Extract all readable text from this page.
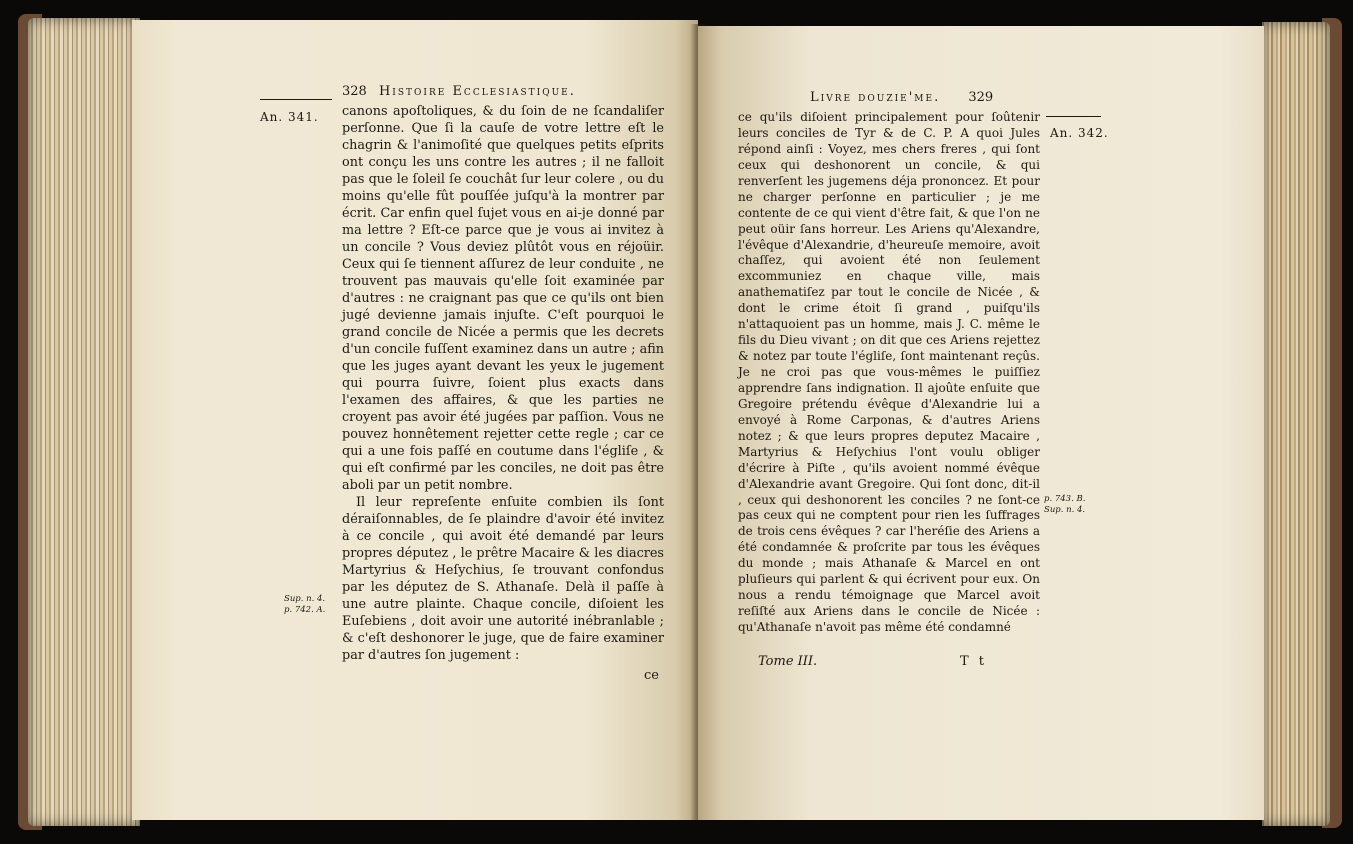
328 Histoire Ecclesiastique.
An. 341. canons apoſtoliques, & du ſoin de ne ſcandaliſer perſonne. Que ſi la cauſe de votre lettre eſt le chagrin & l'animoſité que quelques petits eſprits ont conçu les uns contre les autres ; il ne falloit pas que le ſoleil ſe couchât ſur leur colere , ou du moins qu'elle fût pouſſée juſqu'à la montrer par écrit. Car enfin quel ſujet vous en ai-je donné par ma lettre ? Eſt-ce parce que je vous ai invitez à un concile ? Vous deviez plûtôt vous en réjoüir. Ceux qui ſe tiennent aſſurez de leur conduite , ne trouvent pas mauvais qu'elle ſoit examinée par d'autres : ne craignant pas que ce qu'ils ont bien jugé devienne jamais injuſte. C'eſt pourquoi le grand concile de Nicée a permis que les decrets d'un concile fuſſent examinez dans un autre ; afin que les juges ayant devant les yeux le jugement qui pourra ſuivre, ſoient plus exacts dans l'examen des affaires, & que les parties ne croyent pas avoir été jugées par paſſion. Vous ne pouvez honnêtement rejetter cette regle ; car ce qui a une fois paſſé en coutume dans l'égliſe , & qui eſt confirmé par les conciles, ne doit pas être aboli par un petit nombre.

Il leur repreſente enſuite combien ils ſont déraiſonnables, de ſe plaindre d'avoir été invitez à ce concile , qui avoit été demandé par leurs propres députez , le prêtre Macaire & les diacres Martyrius & Heſychius, ſe trouvant confondus par les députez de S. Athanaſe. Delà il paſſe à une autre plainte. Chaque concile, diſoient les Euſebiens , doit avoir une autorité inébranlable ; & c'eſt deshonorer le juge, que de faire examiner par d'autres ſon jugement :

Sup. n. 4.
p. 742. A.
ce
Livre douzie'me. 329
An. 342.

ce qu'ils diſoient principalement pour ſoûtenir leurs conciles de Tyr & de C. P. A quoi Jules répond ainſi : Voyez, mes chers freres , qui ſont ceux qui deshonorent un concile, & qui renverſent les jugemens déja prononcez. Et pour ne charger perſonne en particulier ; je me contente de ce qui vient d'être fait, & que l'on ne peut oüir ſans horreur. Les Ariens qu'Alexandre, l'évêque d'Alexandrie, d'heureuſe memoire, avoit chaſſez, qui avoient été non ſeulement excommuniez en chaque ville, mais anathematiſez par tout le concile de Nicée , & dont le crime étoit ſi grand , puiſqu'ils n'attaquoient pas un homme, mais J. C. même le fils du Dieu vivant ; on dit que ces Ariens rejettez & notez par toute l'égliſe, ſont maintenant reçûs. Je ne croi pas que vous-mêmes le puiſſiez apprendre ſans indignation. Il ajoûte enſuite que Gregoire prétendu évêque d'Alexandrie lui a envoyé à Rome Carponas, & d'autres Ariens notez ; & que leurs propres deputez Macaire , Martyrius & Heſychius l'ont voulu obliger d'écrire à Piſte , qu'ils avoient nommé évêque d'Alexandrie avant Gregoire. Qui ſont donc, dit-il , ceux qui deshonorent les conciles ? ne ſont-ce pas ceux qui ne comptent pour rien les ſuffrages de trois cens évêques ? car l'heréſie des Ariens a été condamnée & proſcrite par tous les évêques du monde ; mais Athanaſe & Marcel en ont pluſieurs qui parlent & qui écrivent pour eux. On nous a rendu témoignage que Marcel avoit reſiſté aux Ariens dans le concile de Nicée : qu'Athanaſe n'avoit pas même été condamné

p. 743. B.
Sup. n. 4.
Tome III.	T t
